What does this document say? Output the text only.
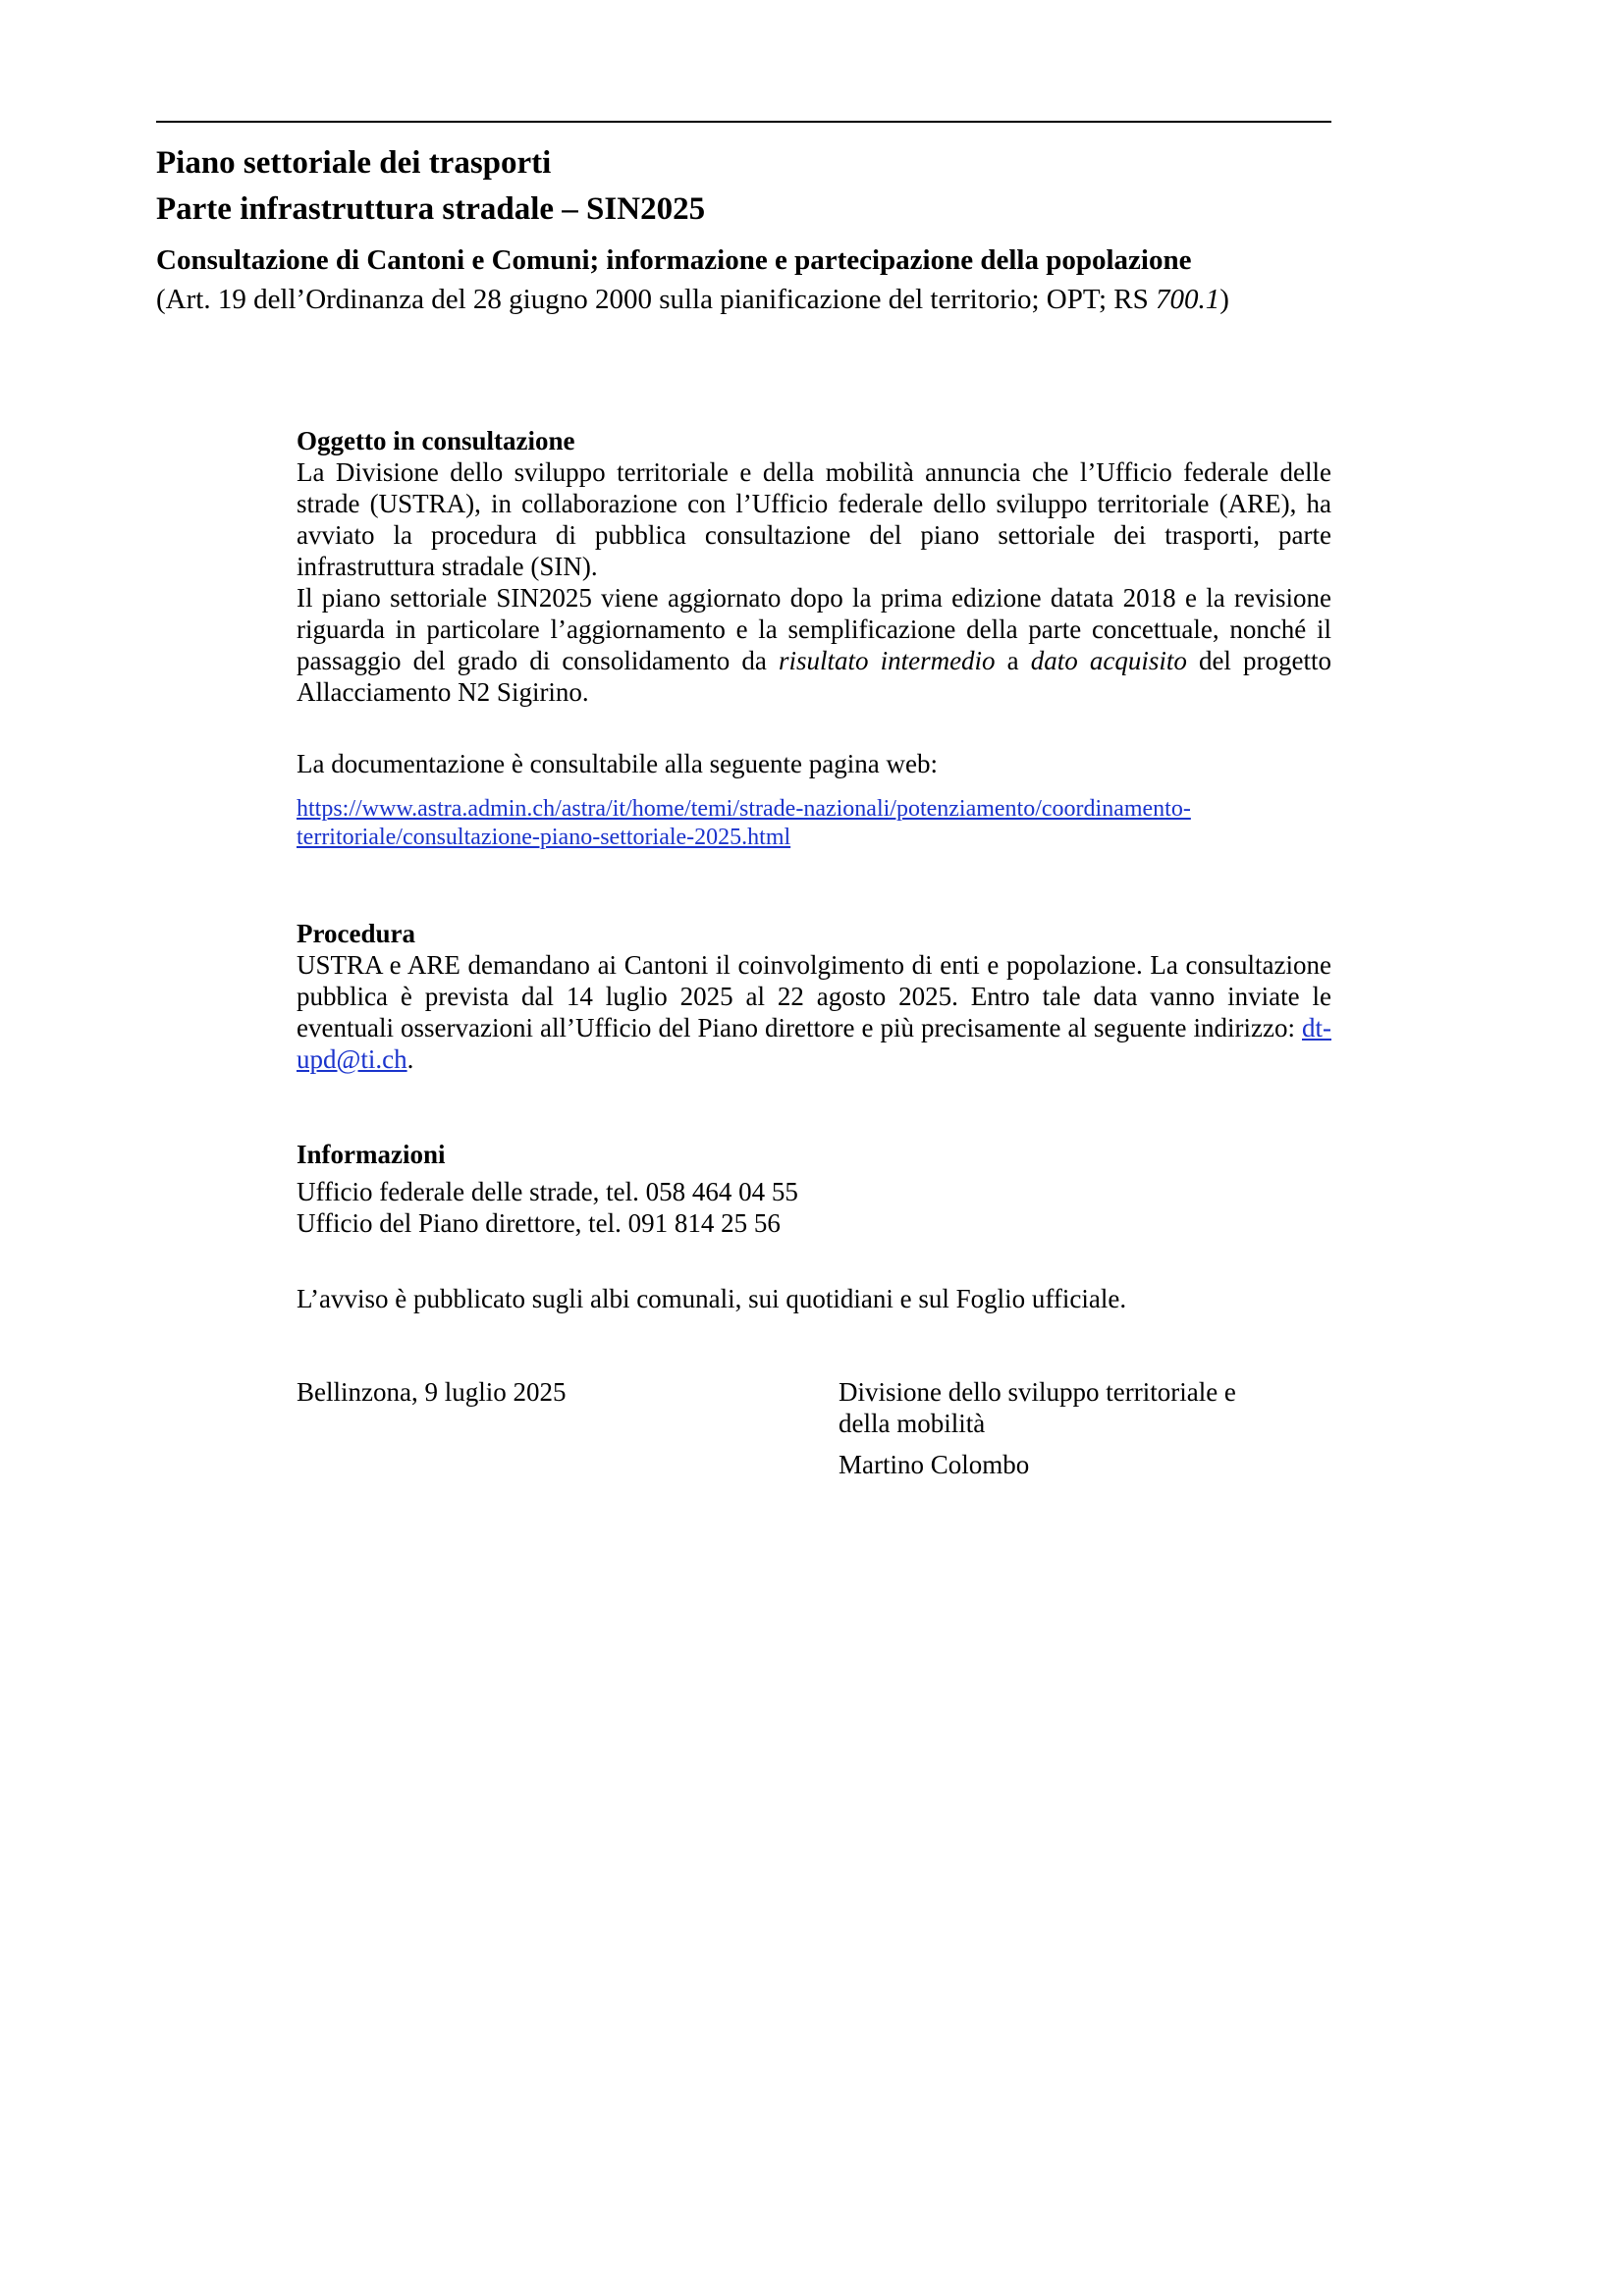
Piano settoriale dei trasporti
Parte infrastruttura stradale – SIN2025

Consultazione di Cantoni e Comuni; informazione e partecipazione della popolazione

(Art. 19 dell’Ordinanza del 28 giugno 2000 sulla pianificazione del territorio; OPT; RS 700.1)

Oggetto in consultazione

La Divisione dello sviluppo territoriale e della mobilità annuncia che l’Ufficio federale delle strade (USTRA), in collaborazione con l’Ufficio federale dello sviluppo territoriale (ARE), ha avviato la procedura di pubblica consultazione del piano settoriale dei trasporti, parte infrastruttura stradale (SIN).

Il piano settoriale SIN2025 viene aggiornato dopo la prima edizione datata 2018 e la revisione riguarda in particolare l’aggiornamento e la semplificazione della parte concettuale, nonché il passaggio del grado di consolidamento da risultato intermedio a dato acquisito del progetto Allacciamento N2 Sigirino.

La documentazione è consultabile alla seguente pagina web:

https://www.astra.admin.ch/astra/it/home/temi/strade-nazionali/potenziamento/coordinamento-
territoriale/consultazione-piano-settoriale-2025.html

Procedura

USTRA e ARE demandano ai Cantoni il coinvolgimento di enti e popolazione. La consultazione pubblica è prevista dal 14 luglio 2025 al 22 agosto 2025. Entro tale data vanno inviate le eventuali osservazioni all’Ufficio del Piano direttore e più precisamente al seguente indirizzo: dt-upd@ti.ch.

Informazioni

Ufficio federale delle strade, tel. 058 464 04 55

Ufficio del Piano direttore, tel. 091 814 25 56

L’avviso è pubblicato sugli albi comunali, sui quotidiani e sul Foglio ufficiale.

Bellinzona, 9 luglio 2025	Divisione dello sviluppo territoriale e
della mobilità

Martino Colombo
